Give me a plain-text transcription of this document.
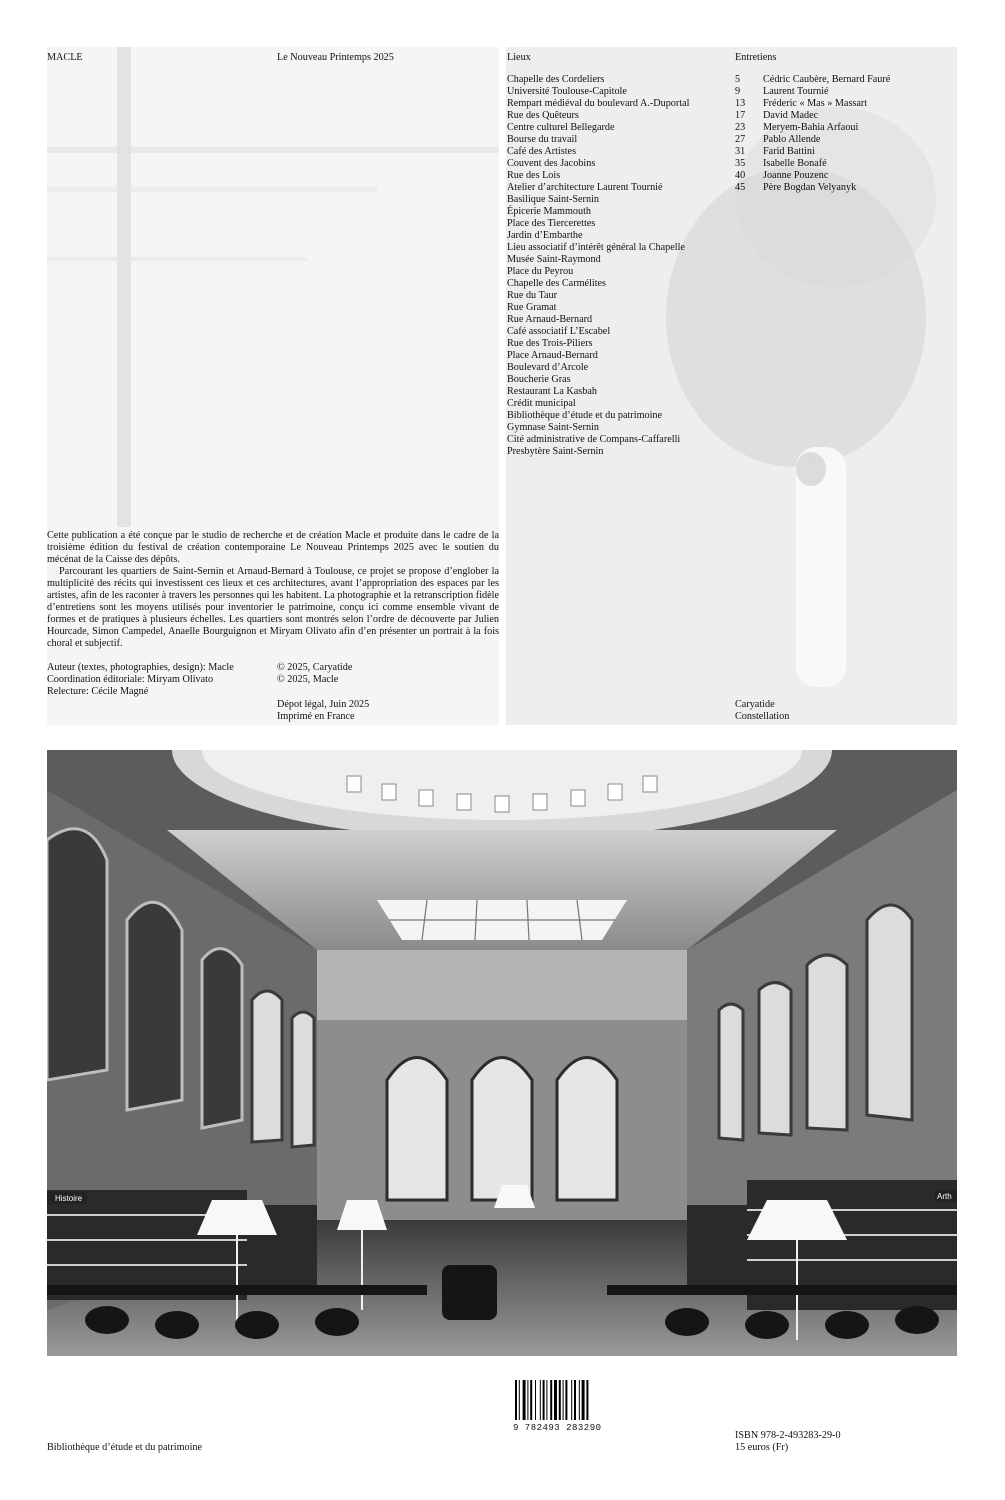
MACLE	Le Nouveau Printemps 2025

Cette publication a été conçue par le studio de recherche et de création Macle et produite dans le cadre de la troisième édition du festival de création contemporaine Le Nouveau Printemps 2025 avec le soutien du mécénat de la Caisse des dépôts.

Parcourant les quartiers de Saint-Sernin et Arnaud-Bernard à Toulouse, ce projet se propose d’englober la multiplicité des récits qui investissent ces lieux et ces architectures, avant l’appropriation des espaces par les artistes, afin de les raconter à travers les personnes qui les habitent. La photographie et la retranscription fidèle d’entretiens sont les moyens utilisés pour inventorier le patrimoine, conçu ici comme ensemble vivant de formes et de pratiques à plusieurs échelles. Les quartiers sont montrés selon l’ordre de découverte par Julien Hourcade, Simon Campedel, Anaelle Bourguignon et Miryam Olivato afin d’en présenter un portrait à la fois choral et subjectif.

Auteur (textes, photographies, design): Macle
Coordination éditoriale: Miryam Olivato
Relecture: Cécile Magné
© 2025, Caryatide
© 2025, Macle
Dépot légal, Juin 2025
Imprimé en France
Lieux
Chapelle des Cordeliers
Université Toulouse-Capitole
Rempart médiéval du boulevard A.-Duportal
Rue des Quêteurs
Centre culturel Bellegarde
Bourse du travail
Café des Artistes
Couvent des Jacobins
Rue des Lois
Atelier d’architecture Laurent Tournié
Basilique Saint-Sernin
Épicerie Mammouth
Place des Tiercerettes
Jardin d’Embarthe
Lieu associatif d’intérêt général la Chapelle
Musée Saint-Raymond
Place du Peyrou
Chapelle des Carmélites
Rue du Taur
Rue Gramat
Rue Arnaud-Bernard
Café associatif L’Escabel
Rue des Trois-Piliers
Place Arnaud-Bernard
Boulevard d’Arcole
Boucherie Gras
Restaurant La Kasbah
Crédit municipal
Bibliothèque d’étude et du patrimoine
Gymnase Saint-Sernin
Cité administrative de Compans-Caffarelli
Presbytère Saint-Sernin
Entretiens
5 Cédric Caubère, Bernard Fauré
9 Laurent Tournié
13 Fréderic « Mas » Massart
17 David Madec
23 Meryem-Bahia Arfaoui
27 Pablo Allende
31 Farid Battini
35 Isabelle Bonafé
40 Joanne Pouzenc
45 Père Bogdan Velyanyk
Caryatide
Constellation
Histoire	Arth
Bibliothèque d’étude et du patrimoine
9 782493 283290
ISBN 978-2-493283-29-0
15 euros (Fr)
